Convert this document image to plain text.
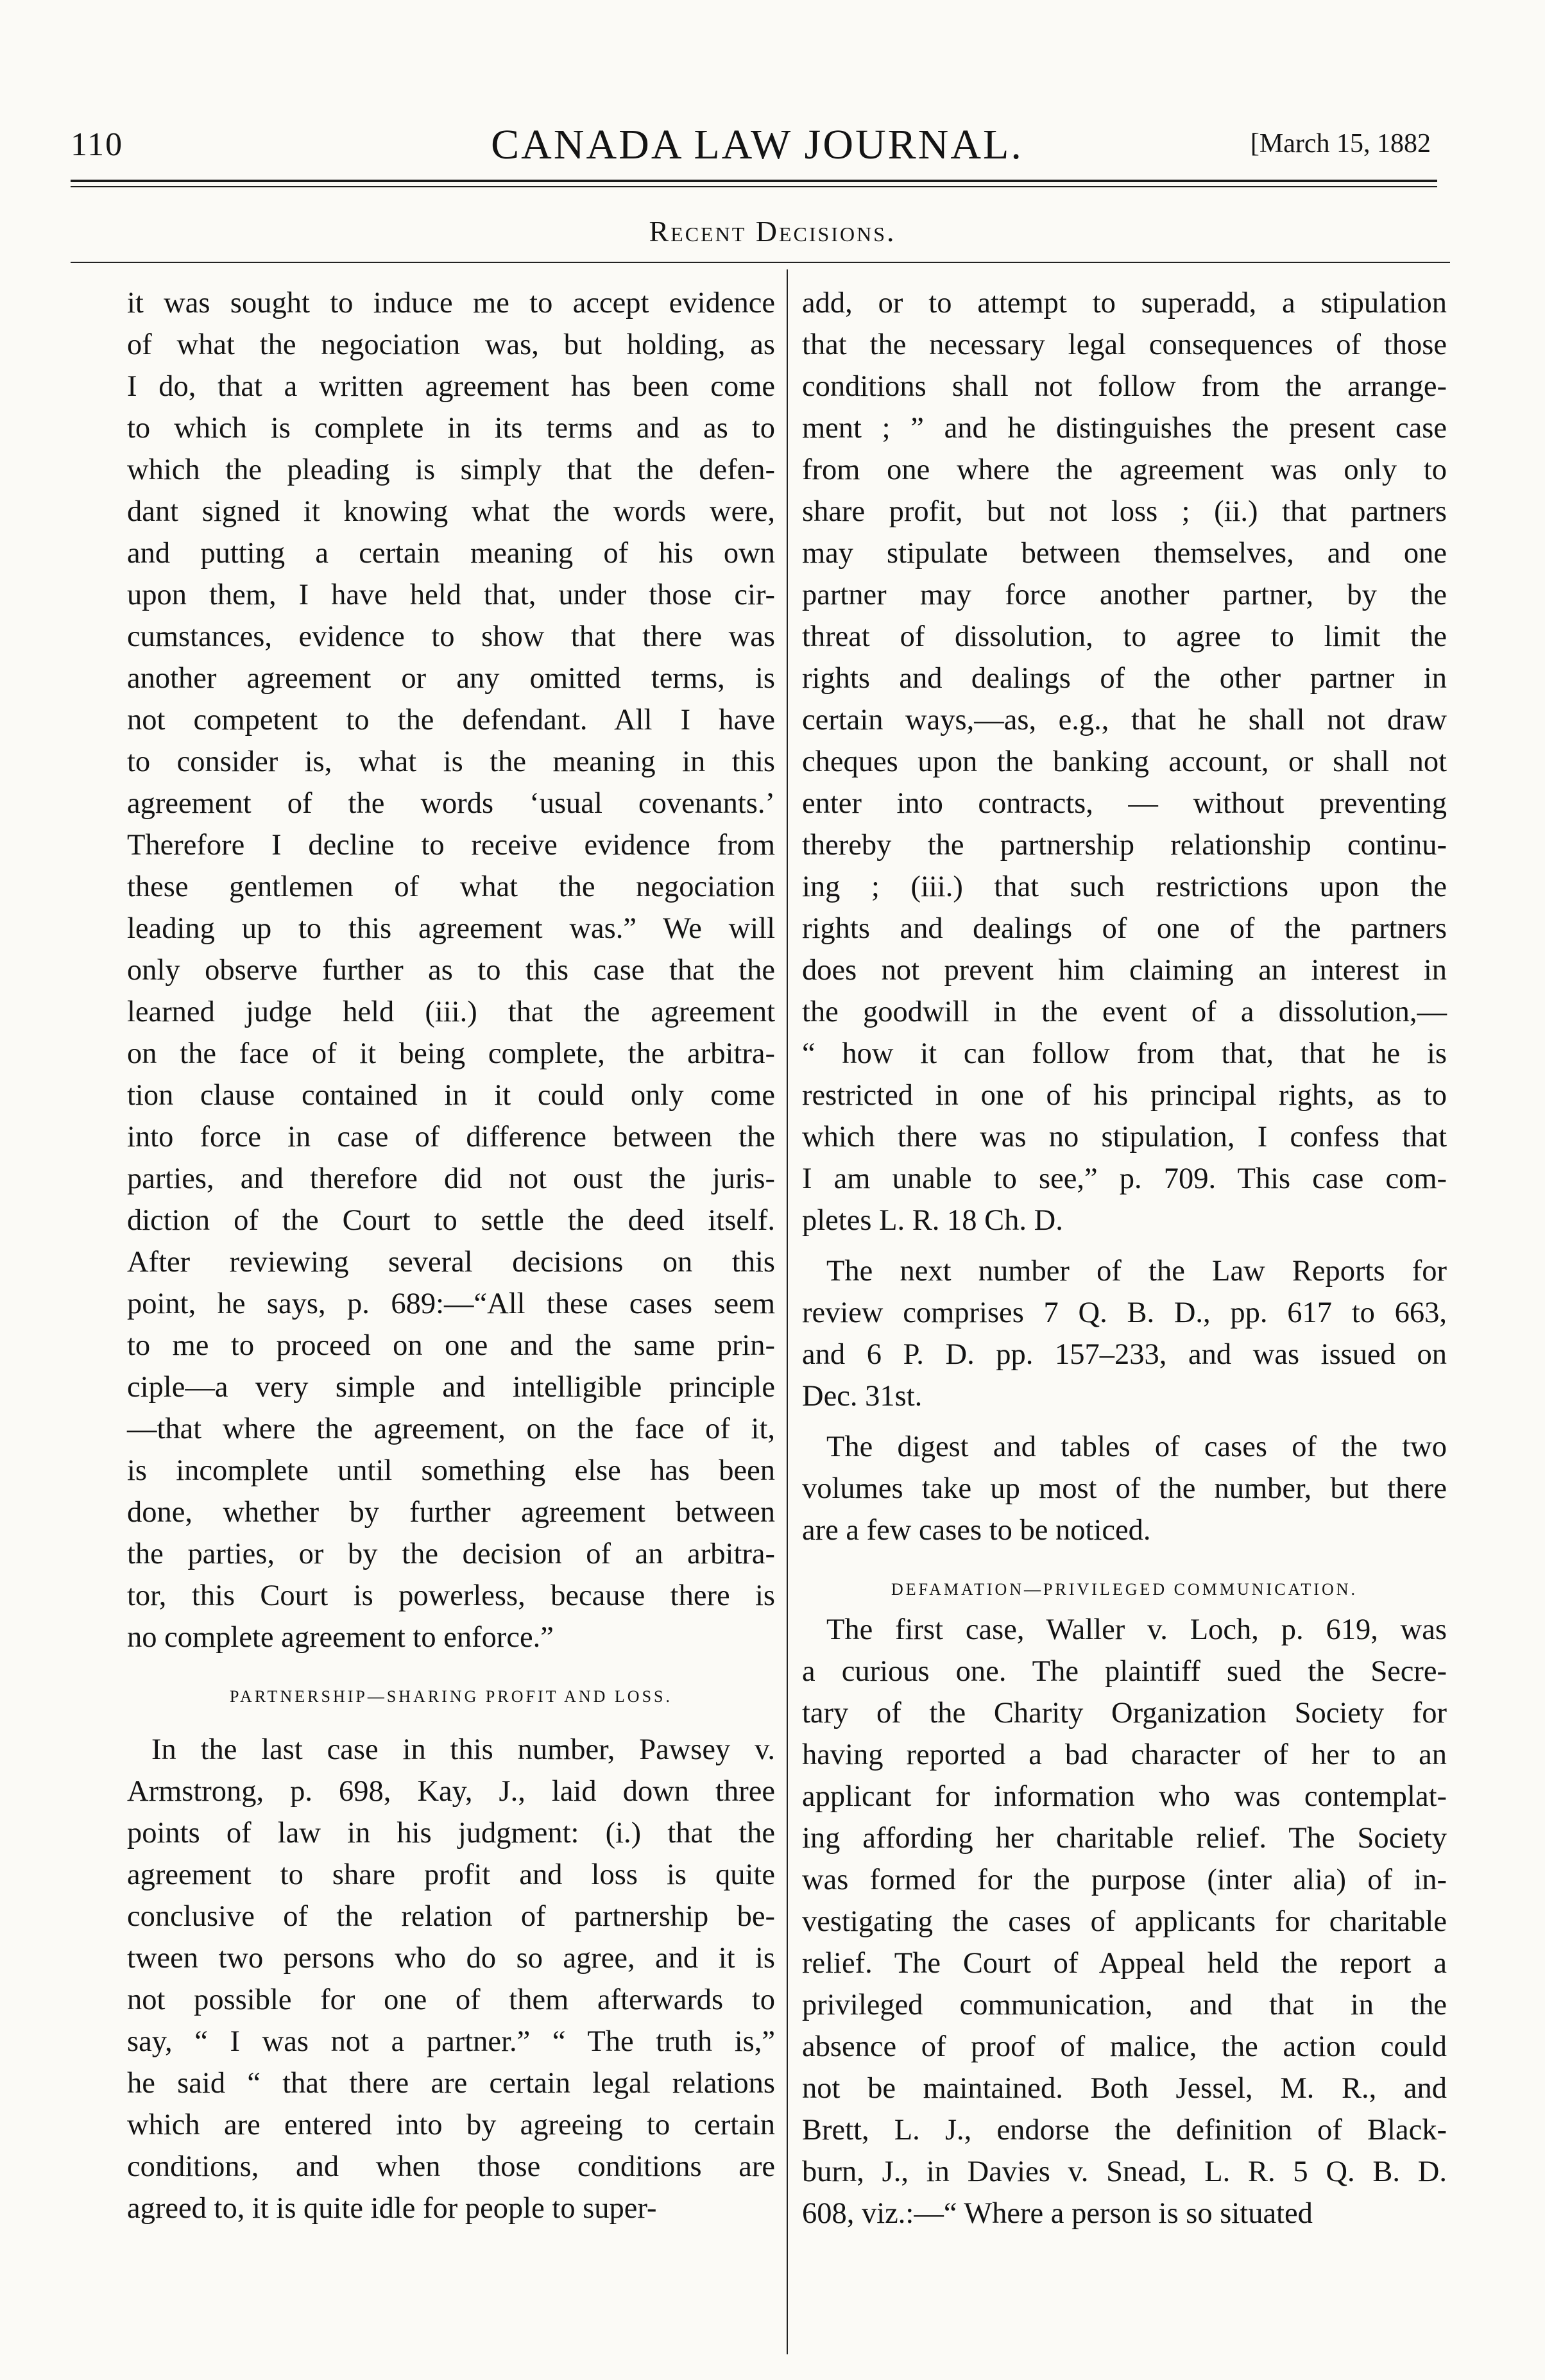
110	CANADA LAW JOURNAL.	[March 15, 1882
Recent Decisions.
it was sought to induce me to accept evidence
of what the negociation was, but holding, as
I do, that a written agreement has been come
to which is complete in its terms and as to
which the pleading is simply that the defen-
dant signed it knowing what the words were,
and putting a certain meaning of his own
upon them, I have held that, under those cir-
cumstances, evidence to show that there was
another agreement or any omitted terms, is
not competent to the defendant. All I have
to consider is, what is the meaning in this
agreement of the words ‘usual covenants.’
Therefore I decline to receive evidence from
these gentlemen of what the negociation
leading up to this agreement was.” We will
only observe further as to this case that the
learned judge held (iii.) that the agreement
on the face of it being complete, the arbitra-
tion clause contained in it could only come
into force in case of difference between the
parties, and therefore did not oust the juris-
diction of the Court to settle the deed itself.
After reviewing several decisions on this
point, he says, p. 689:—“All these cases seem
to me to proceed on one and the same prin-
ciple—a very simple and intelligible principle
—that where the agreement, on the face of it,
is incomplete until something else has been
done, whether by further agreement between
the parties, or by the decision of an arbitra-
tor, this Court is powerless, because there is
no complete agreement to enforce.”
PARTNERSHIP—SHARING PROFIT AND LOSS.
In the last case in this number, Pawsey v.
Armstrong, p. 698, Kay, J., laid down three
points of law in his judgment: (i.) that the
agreement to share profit and loss is quite
conclusive of the relation of partnership be-
tween two persons who do so agree, and it is
not possible for one of them afterwards to
say, “ I was not a partner.” “ The truth is,”
he said “ that there are certain legal relations
which are entered into by agreeing to certain
conditions, and when those conditions are
agreed to, it is quite idle for people to super-
add, or to attempt to superadd, a stipulation
that the necessary legal consequences of those
conditions shall not follow from the arrange-
ment ; ” and he distinguishes the present case
from one where the agreement was only to
share profit, but not loss ; (ii.) that partners
may stipulate between themselves, and one
partner may force another partner, by the
threat of dissolution, to agree to limit the
rights and dealings of the other partner in
certain ways,—as, e.g., that he shall not draw
cheques upon the banking account, or shall not
enter into contracts, — without preventing
thereby the partnership relationship continu-
ing ; (iii.) that such restrictions upon the
rights and dealings of one of the partners
does not prevent him claiming an interest in
the goodwill in the event of a dissolution,—
“ how it can follow from that, that he is
restricted in one of his principal rights, as to
which there was no stipulation, I confess that
I am unable to see,” p. 709. This case com-
pletes L. R. 18 Ch. D.
The next number of the Law Reports for
review comprises 7 Q. B. D., pp. 617 to 663,
and 6 P. D. pp. 157–233, and was issued on
Dec. 31st.
The digest and tables of cases of the two
volumes take up most of the number, but there
are a few cases to be noticed.
DEFAMATION—PRIVILEGED COMMUNICATION.
The first case, Waller v. Loch, p. 619, was
a curious one. The plaintiff sued the Secre-
tary of the Charity Organization Society for
having reported a bad character of her to an
applicant for information who was contemplat-
ing affording her charitable relief. The Society
was formed for the purpose (inter alia) of in-
vestigating the cases of applicants for charitable
relief. The Court of Appeal held the report a
privileged communication, and that in the
absence of proof of malice, the action could
not be maintained. Both Jessel, M. R., and
Brett, L. J., endorse the definition of Black-
burn, J., in Davies v. Snead, L. R. 5 Q. B. D.
608, viz.:—“ Where a person is so situated
